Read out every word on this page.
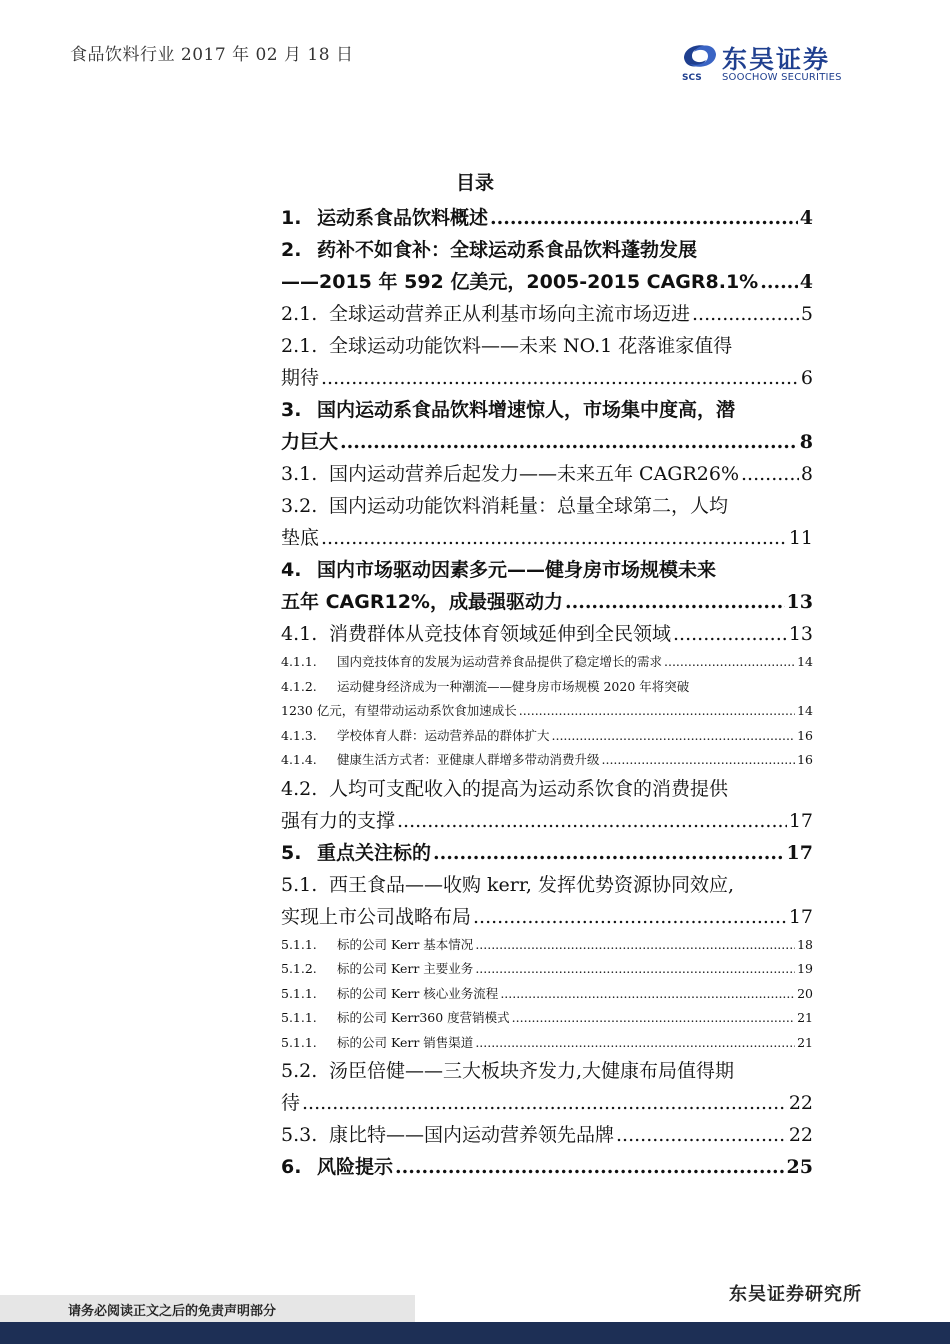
食品饮料行业 2017 年 02 月 18 日
SCS
东吴证券
SOOCHOW SECURITIES
目录
1. 运动系食品饮料概述 .....	4
2. 药补不如食补：全球运动系食品饮料蓬勃发展
——2015 年 592 亿美元，2005-2015 CAGR8.1% ..... 4
2.1. 全球运动营养正从利基市场向主流市场迈进 .....	5
2.1. 全球运动功能饮料——未来 NO.1 花落谁家值得
期待 .....	6
3. 国内运动系食品饮料增速惊人，市场集中度高，潜
力巨大 .....	8
3.1. 国内运动营养后起发力——未来五年 CAGR26% .....	8
3.2. 国内运动功能饮料消耗量：总量全球第二，人均
垫底 .....	11
4. 国内市场驱动因素多元——健身房市场规模未来
五年 CAGR12%，成最强驱动力 .....	13
4.1. 消费群体从竞技体育领域延伸到全民领域 .....	13
4.1.1. 国内竞技体育的发展为运动营养食品提供了稳定增长的需求 .....	14
4.1.2. 运动健身经济成为一种潮流——健身房市场规模 2020 年将突破
1230 亿元，有望带动运动系饮食加速成长 .....	14
4.1.3. 学校体育人群：运动营养品的群体扩大 .....	16
4.1.4. 健康生活方式者：亚健康人群增多带动消费升级 .....	16
4.2. 人均可支配收入的提高为运动系饮食的消费提供
强有力的支撑 .....	17
5. 重点关注标的 .....	17
5.1. 西王食品——收购 kerr, 发挥优势资源协同效应,
实现上市公司战略布局 .....	17
5.1.1. 标的公司 Kerr 基本情况 .....	18
5.1.2. 标的公司 Kerr 主要业务 .....	19
5.1.1. 标的公司 Kerr 核心业务流程 .....	20
5.1.1. 标的公司 Kerr360 度营销模式 .....	21
5.1.1. 标的公司 Kerr 销售渠道 .....	21
5.2. 汤臣倍健——三大板块齐发力,大健康布局值得期
待 .....	22
5.3. 康比特——国内运动营养领先品牌 .....	22
6. 风险提示 .....	25
请务必阅读正文之后的免责声明部分
东吴证券研究所
